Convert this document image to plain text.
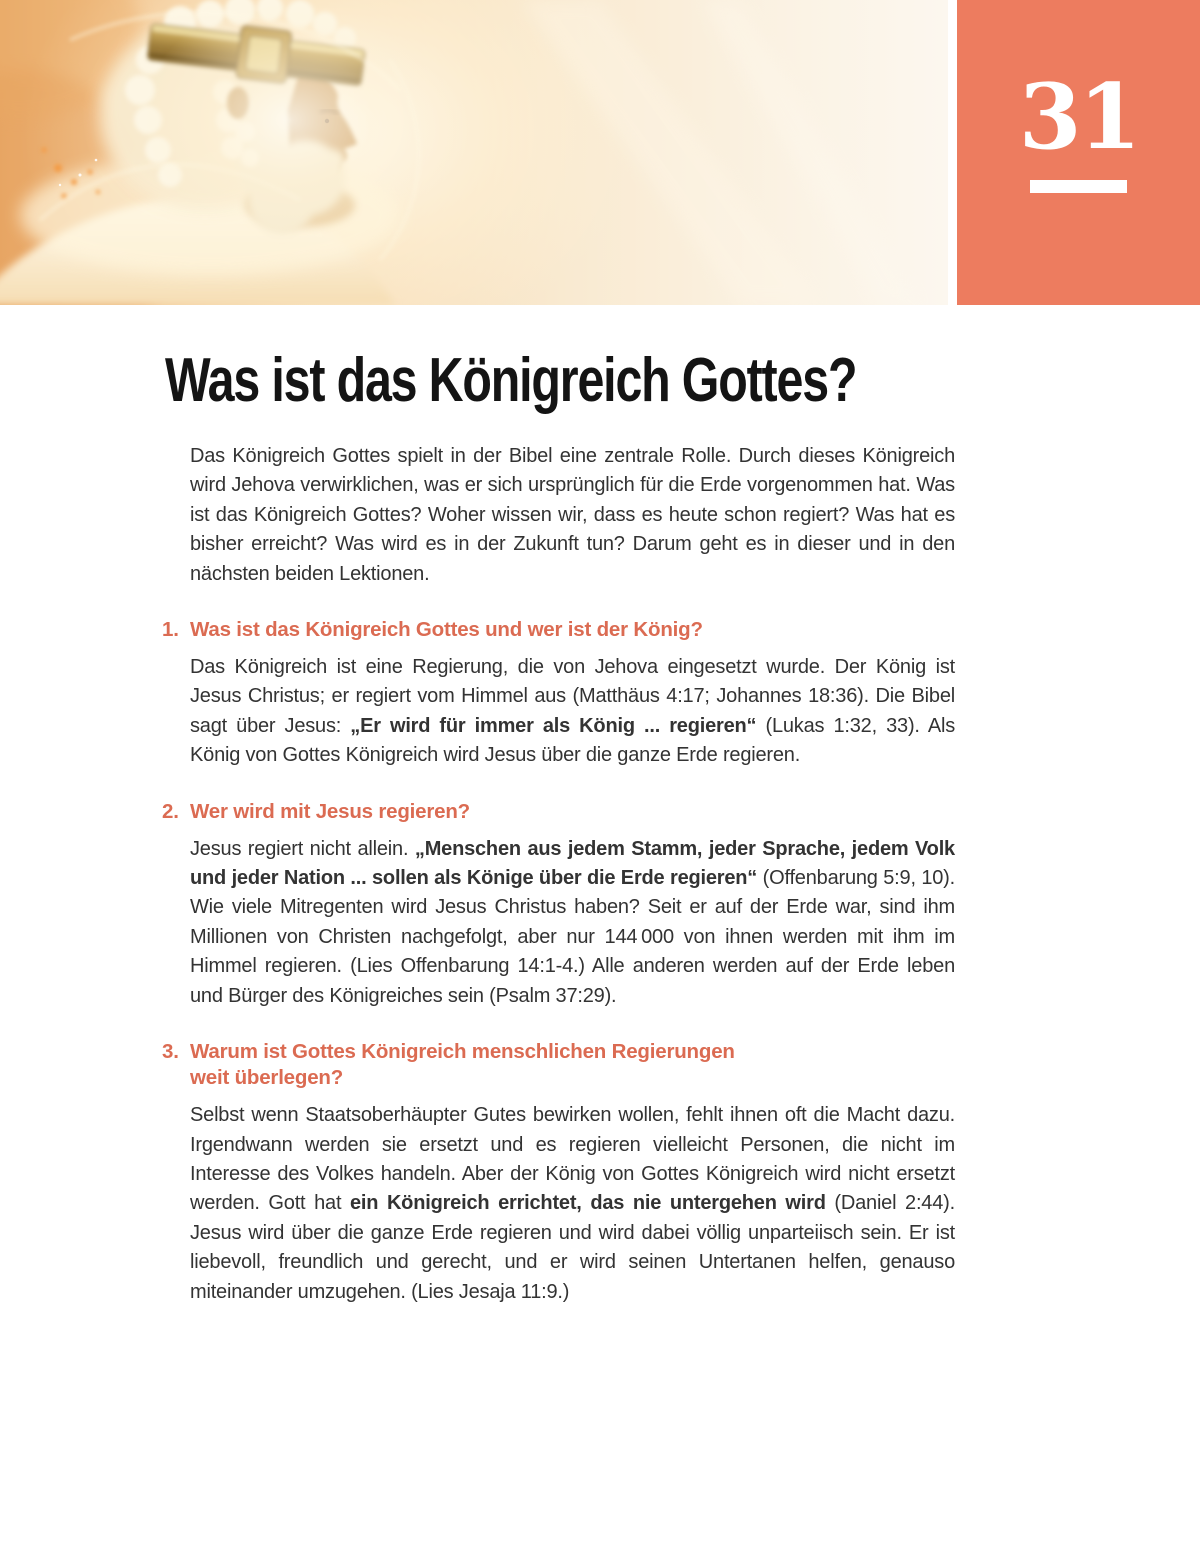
31
Was ist das Königreich Gottes?

Das Königreich Gottes spielt in der Bibel eine zentrale Rolle. Durch dieses Königreich wird Jehova verwirklichen, was er sich ursprünglich für die Erde vorgenommen hat. Was ist das Königreich Gottes? Woher wissen wir, dass es heute schon regiert? Was hat es bisher erreicht? Was wird es in der Zukunft tun? Darum geht es in dieser und in den nächsten beiden Lektionen.

1. Was ist das Königreich Gottes und wer ist der König?

Das Königreich ist eine Regierung, die von Jehova eingesetzt wurde. Der König ist Jesus Christus; er regiert vom Himmel aus (Matthäus 4:17; Johannes 18:36). Die Bibel sagt über Jesus: „Er wird für immer als König ... regieren“ (Lukas 1:32, 33). Als König von Gottes Königreich wird Jesus über die ganze Erde regieren.

2. Wer wird mit Jesus regieren?

Jesus regiert nicht allein. „Menschen aus jedem Stamm, jeder Sprache, jedem Volk und jeder Nation ... sollen als Könige über die Erde regieren“ (Offenbarung 5:9, 10). Wie viele Mitregenten wird Jesus Christus haben? Seit er auf der Erde war, sind ihm Millionen von Christen nachgefolgt, aber nur 144 000 von ihnen werden mit ihm im Himmel regieren. (Lies Offenbarung 14:1-4.) Alle anderen werden auf der Erde leben und Bürger des Königreiches sein (Psalm 37:29).

3. Warum ist Gottes Königreich menschlichen Regierungen
weit überlegen?

Selbst wenn Staatsoberhäupter Gutes bewirken wollen, fehlt ihnen oft die Macht dazu. Irgendwann werden sie ersetzt und es regieren vielleicht Personen, die nicht im Interesse des Volkes handeln. Aber der König von Gottes Königreich wird nicht ersetzt werden. Gott hat ein Königreich errichtet, das nie untergehen wird (Daniel 2:44). Jesus wird über die ganze Erde regieren und wird dabei völlig unparteiisch sein. Er ist liebevoll, freundlich und gerecht, und er wird seinen Untertanen helfen, genauso miteinander umzugehen. (Lies Jesaja 11:9.)
